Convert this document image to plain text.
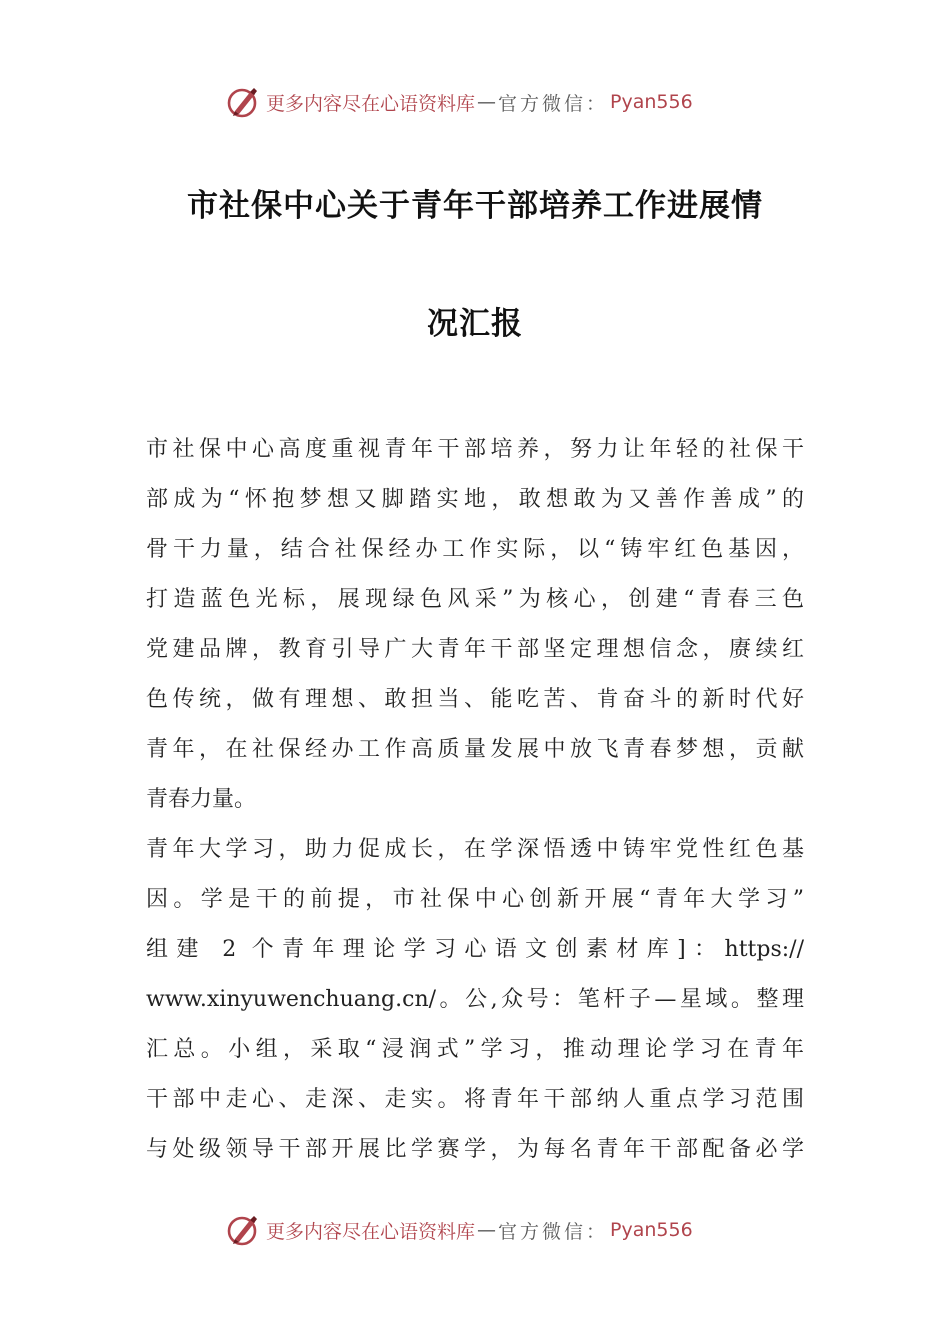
更多内容尽在心语资料库 — 官方微信： Pyan556
市社保中心关于青年干部培养工作进展情
况汇报
市社保中心高度重视青年干部培养，努力让年轻的社保干
部成为“怀抱梦想又脚踏实地，敢想敢为又善作善成”的
骨干力量，结合社保经办工作实际，以“铸牢红色基因，
打造蓝色光标，展现绿色风采”为核心，创建“青春三色
党建品牌，教育引导广大青年干部坚定理想信念，赓续红
色传统，做有理想、敢担当、能吃苦、肯奋斗的新时代好
青年，在社保经办工作高质量发展中放飞青春梦想，贡献
青春力量。
青年大学习，助力促成长，在学深悟透中铸牢党性红色基
因。学是干的前提，市社保中心创新开展“青年大学习”
组建 2 个青年理论学习心语文创素材库]：https://
www.xinyuwenchuang.cn/。公,众号：笔杆子—星域。整理
汇总。小组，采取“浸润式”学习，推动理论学习在青年
干部中走心、走深、走实。将青年干部纳人重点学习范围
与处级领导干部开展比学赛学，为每名青年干部配备必学
更多内容尽在心语资料库 — 官方微信： Pyan556
